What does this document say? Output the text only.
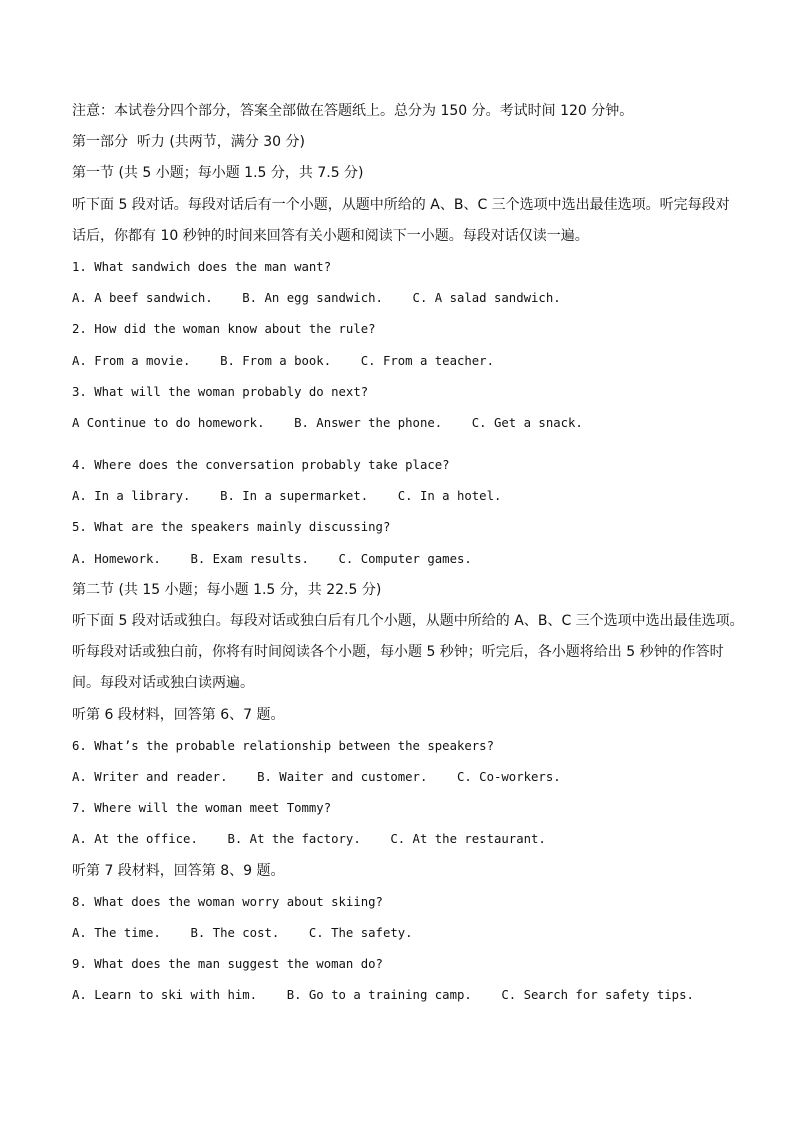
注意：本试卷分四个部分，答案全部做在答题纸上。总分为 150 分。考试时间 120 分钟。
第一部分  听力 (共两节，满分 30 分)
第一节 (共 5 小题；每小题 1.5 分，共 7.5 分)
听下面 5 段对话。每段对话后有一个小题，从题中所给的 A、B、C 三个选项中选出最佳选项。听完每段对
话后，你都有 10 秒钟的时间来回答有关小题和阅读下一小题。每段对话仅读一遍。
1. What sandwich does the man want?
A. A beef sandwich.    B. An egg sandwich.    C. A salad sandwich.
2. How did the woman know about the rule?
A. From a movie.    B. From a book.    C. From a teacher.
3. What will the woman probably do next?
A Continue to do homework.    B. Answer the phone.    C. Get a snack.
4. Where does the conversation probably take place?
A. In a library.    B. In a supermarket.    C. In a hotel.
5. What are the speakers mainly discussing?
A. Homework.    B. Exam results.    C. Computer games.
第二节 (共 15 小题；每小题 1.5 分，共 22.5 分)
听下面 5 段对话或独白。每段对话或独白后有几个小题，从题中所给的 A、B、C 三个选项中选出最佳选项。
听每段对话或独白前，你将有时间阅读各个小题，每小题 5 秒钟；听完后，各小题将给出 5 秒钟的作答时
间。每段对话或独白读两遍。
听第 6 段材料，回答第 6、7 题。
6. What’s the probable relationship between the speakers?
A. Writer and reader.    B. Waiter and customer.    C. Co-workers.
7. Where will the woman meet Tommy?
A. At the office.    B. At the factory.    C. At the restaurant.
听第 7 段材料，回答第 8、9 题。
8. What does the woman worry about skiing?
A. The time.    B. The cost.    C. The safety.
9. What does the man suggest the woman do?
A. Learn to ski with him.    B. Go to a training camp.    C. Search for safety tips.
